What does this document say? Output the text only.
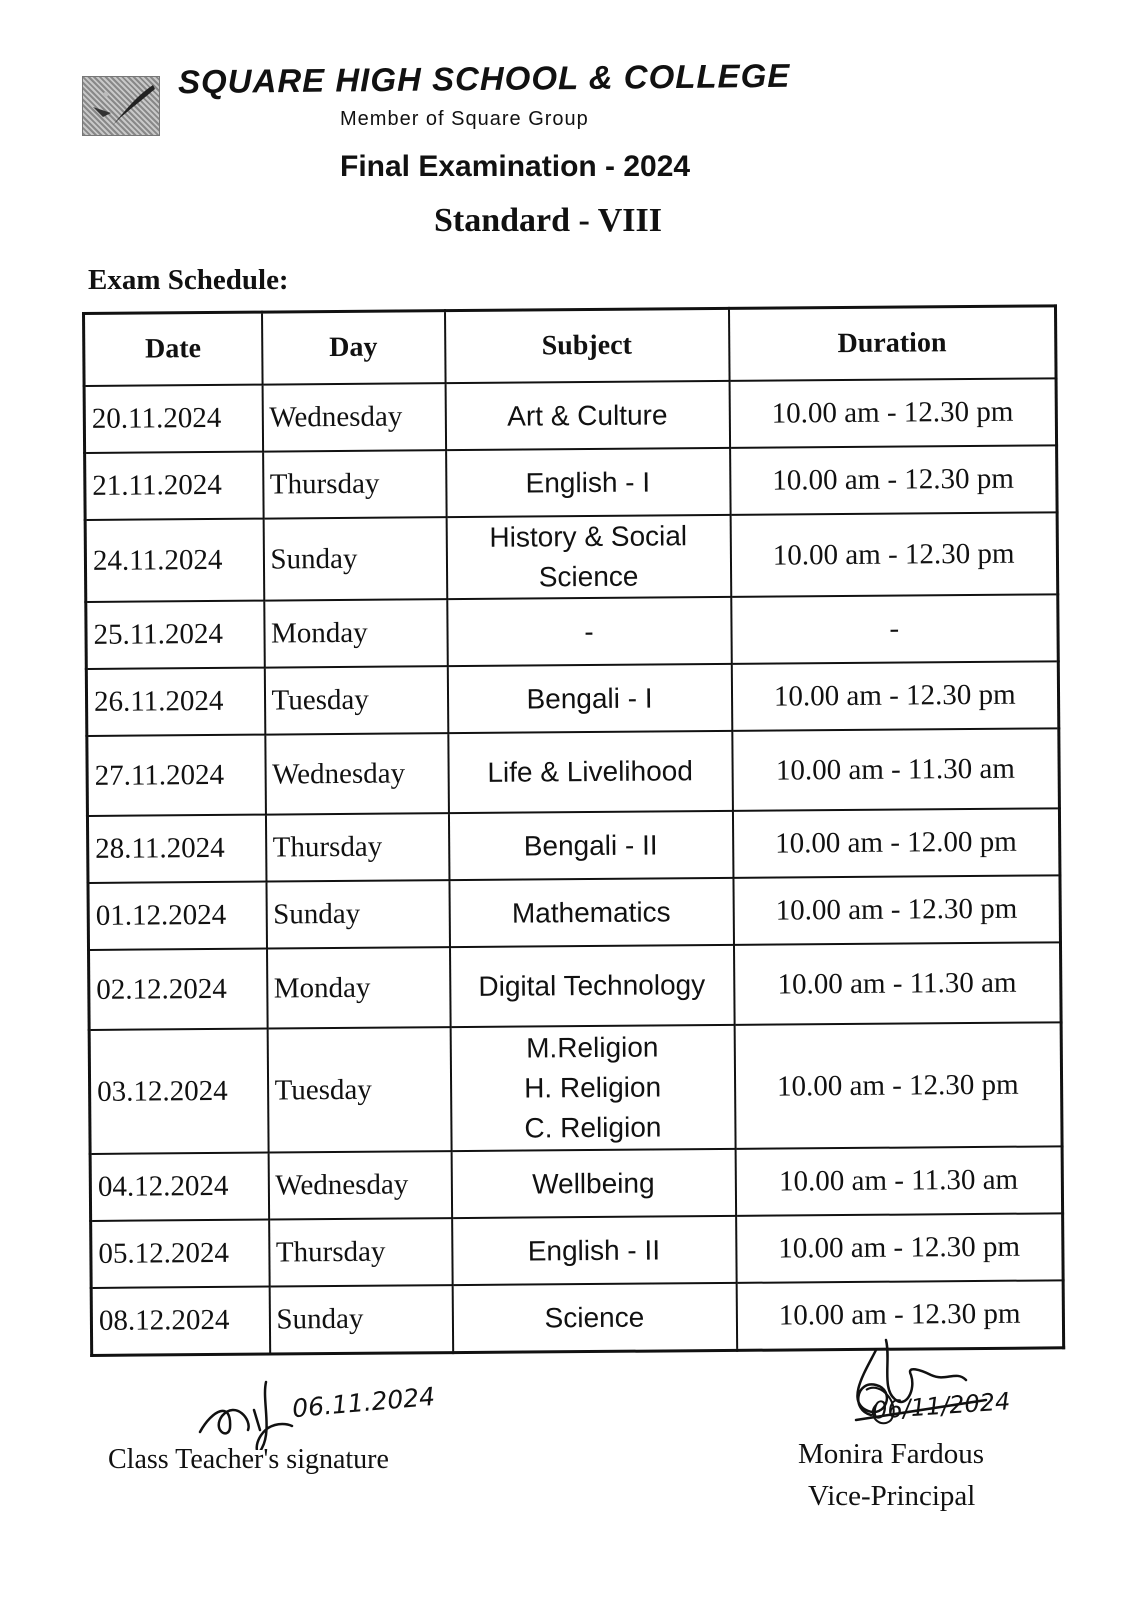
SQUARE HIGH SCHOOL & COLLEGE
Member of Square Group
Final Examination - 2024
Standard - VIII
Exam Schedule:
Date	Day	Subject	Duration
20.11.2024	Wednesday	Art & Culture	10.00 am - 12.30 pm
21.11.2024	Thursday	English - I	10.00 am - 12.30 pm
24.11.2024	Sunday	History & Social
Science	10.00 am - 12.30 pm
25.11.2024	Monday	-	-
26.11.2024	Tuesday	Bengali - I	10.00 am - 12.30 pm
27.11.2024	Wednesday	Life & Livelihood	10.00 am - 11.30 am
28.11.2024	Thursday	Bengali - II	10.00 am - 12.00 pm
01.12.2024	Sunday	Mathematics	10.00 am - 12.30 pm
02.12.2024	Monday	Digital Technology	10.00 am - 11.30 am
03.12.2024	Tuesday	M.Religion
H. Religion
C. Religion	10.00 am - 12.30 pm
04.12.2024	Wednesday	Wellbeing	10.00 am - 11.30 am
05.12.2024	Thursday	English - II	10.00 am - 12.30 pm
08.12.2024	Sunday	Science	10.00 am - 12.30 pm
06.11.2024
Class Teacher's signature
06/11/2024
Monira Fardous
Vice-Principal
